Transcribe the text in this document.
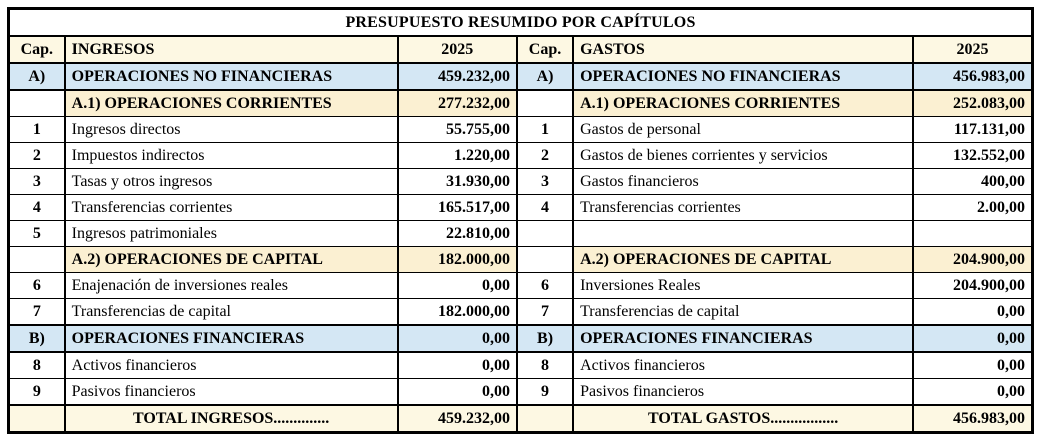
PRESUPUESTO RESUMIDO POR CAPÍTULOS					
Cap.	INGRESOS	2025	Cap.	GASTOS	2025
A)	OPERACIONES NO FINANCIERAS	459.232,00	A)	OPERACIONES NO FINANCIERAS	456.983,00
	A.1) OPERACIONES CORRIENTES	277.232,00		A.1) OPERACIONES CORRIENTES	252.083,00
1	Ingresos directos	55.755,00	1	Gastos de personal	117.131,00
2	Impuestos indirectos	1.220,00	2	Gastos de bienes corrientes y servicios	132.552,00
3	Tasas y otros ingresos	31.930,00	3	Gastos financieros	400,00
4	Transferencias corrientes	165.517,00	4	Transferencias corrientes	2.00,00
5	Ingresos patrimoniales	22.810,00			
	A.2) OPERACIONES DE CAPITAL	182.000,00		A.2) OPERACIONES DE CAPITAL	204.900,00
6	Enajenación de inversiones reales	0,00	6	Inversiones Reales	204.900,00
7	Transferencias de capital	182.000,00	7	Transferencias de capital	0,00
B)	OPERACIONES FINANCIERAS	0,00	B)	OPERACIONES FINANCIERAS	0,00
8	Activos financieros	0,00	8	Activos financieros	0,00
9	Pasivos financieros	0,00	9	Pasivos financieros	0,00
	TOTAL INGRESOS..............	459.232,00		TOTAL GASTOS.................	456.983,00
